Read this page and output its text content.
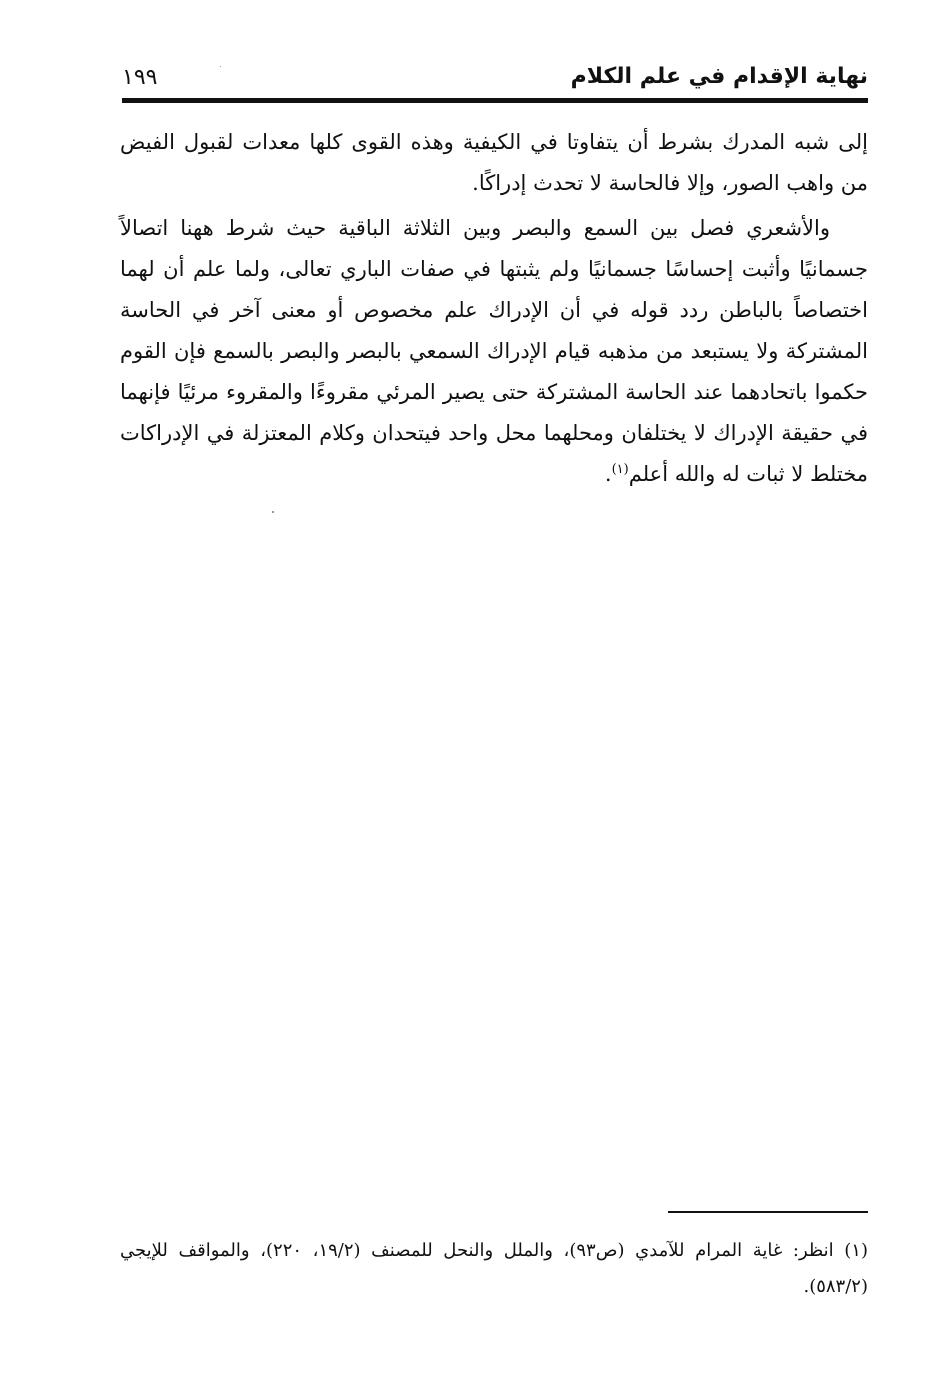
نهاية الإقدام في علم الكلام
١٩٩

إلى شبه المدرك بشرط أن يتفاوتا في الكيفية وهذه القوى كلها معدات لقبول الفيض من واهب الصور، وإلا فالحاسة لا تحدث إدراكًا.

والأشعري فصل بين السمع والبصر وبين الثلاثة الباقية حيث شرط ههنا اتصالاً جسمانيًا وأثبت إحساسًا جسمانيًا ولم يثبتها في صفات الباري تعالى، ولما علم أن لهما اختصاصاً بالباطن ردد قوله في أن الإدراك علم مخصوص أو معنى آخر في الحاسة المشتركة ولا يستبعد من مذهبه قيام الإدراك السمعي بالبصر والبصر بالسمع فإن القوم حكموا باتحادهما عند الحاسة المشتركة حتى يصير المرئي مقروءًا والمقروء مرئيًا فإنهما في حقيقة الإدراك لا يختلفان ومحلهما محل واحد فيتحدان وكلام المعتزلة في الإدراكات مختلط لا ثبات له والله أعلم$^{(١)}$.

(١) انظر: غاية المرام للآمدي (ص٩٣)، والملل والنحل للمصنف (١٩/٢، ٢٢٠)، والمواقف للإيجي (٥٨٣/٢).
